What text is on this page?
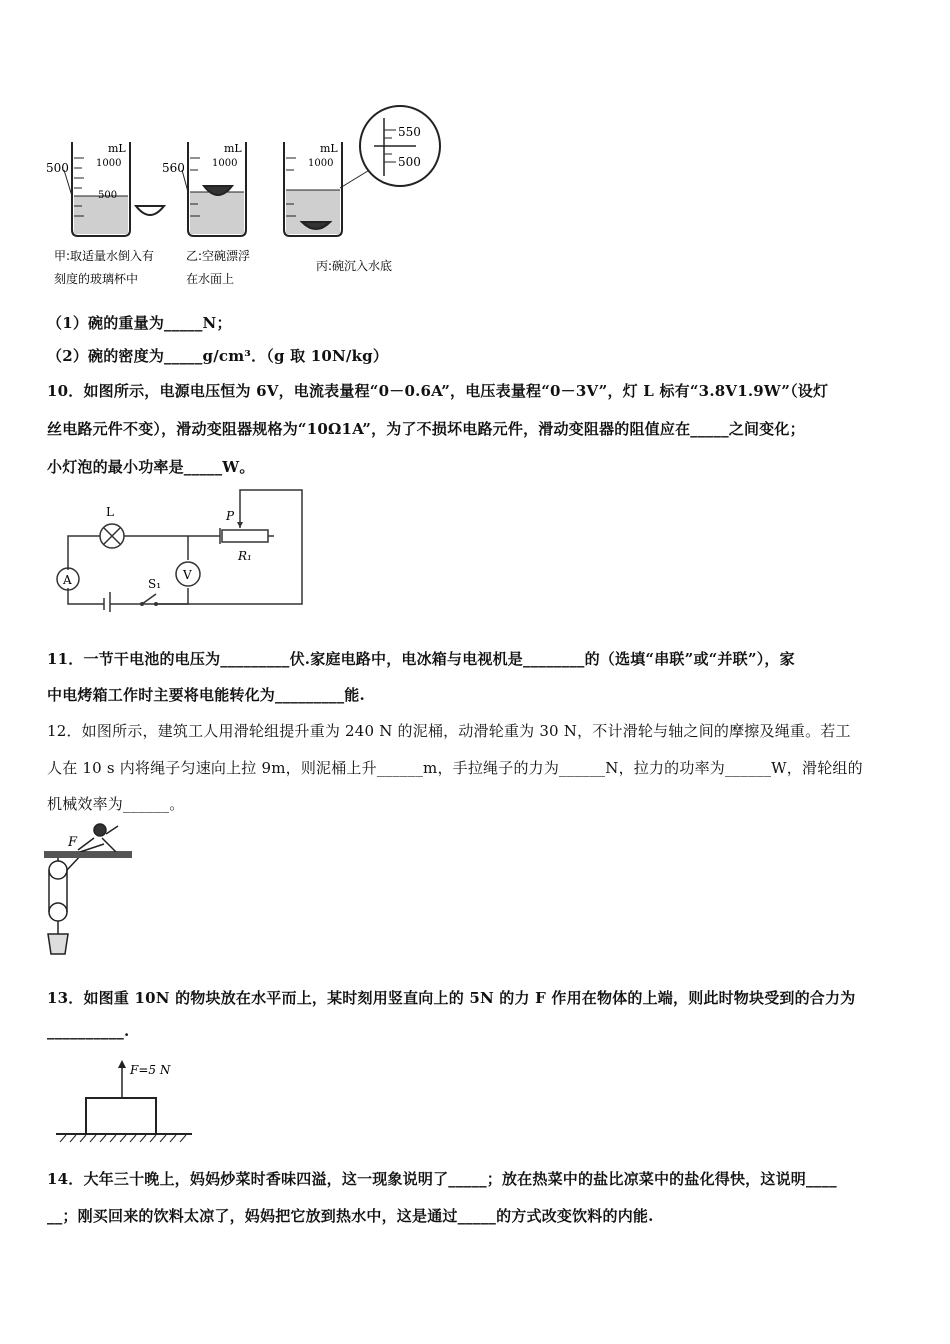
500
mL
1000
500
甲:取适量水倒入有
刻度的玻璃杯中
560
mL
1000
乙:空碗漂浮
在水面上
mL
1000
550
500
丙:碗沉入水底
（1）碗的重量为_____N；
（2）碗的密度为_____g/cm³．（g 取 10N/kg）
10．如图所示，电源电压恒为 6V，电流表量程“0－0.6A”，电压表量程“0－3V”，灯 L 标有“3.8V1.9W”（设灯
丝电路元件不变），滑动变阻器规格为“10Ω1A”，为了不损坏电路元件，滑动变阻器的阻值应在_____之间变化；
小灯泡的最小功率是_____W。
L
A	V
P
R₁
S₁
11．一节干电池的电压为_________伏.家庭电路中，电冰箱与电视机是________的（选填“串联”或“并联”），家
中电烤箱工作时主要将电能转化为_________能.
12．如图所示，建筑工人用滑轮组提升重为 240 N 的泥桶，动滑轮重为 30 N，不计滑轮与轴之间的摩擦及绳重。若工
人在 10 s 内将绳子匀速向上拉 9m，则泥桶上升______m，手拉绳子的力为______N，拉力的功率为______W，滑轮组的
机械效率为______。
F
13．如图重 10N 的物块放在水平而上，某时刻用竖直向上的 5N 的力 F 作用在物体的上端，则此时物块受到的合力为
__________.
F=5 N
14．大年三十晚上，妈妈炒菜时香味四溢，这一现象说明了_____；放在热菜中的盐比凉菜中的盐化得快，这说明____
__；刚买回来的饮料太凉了，妈妈把它放到热水中，这是通过_____的方式改变饮料的内能.
